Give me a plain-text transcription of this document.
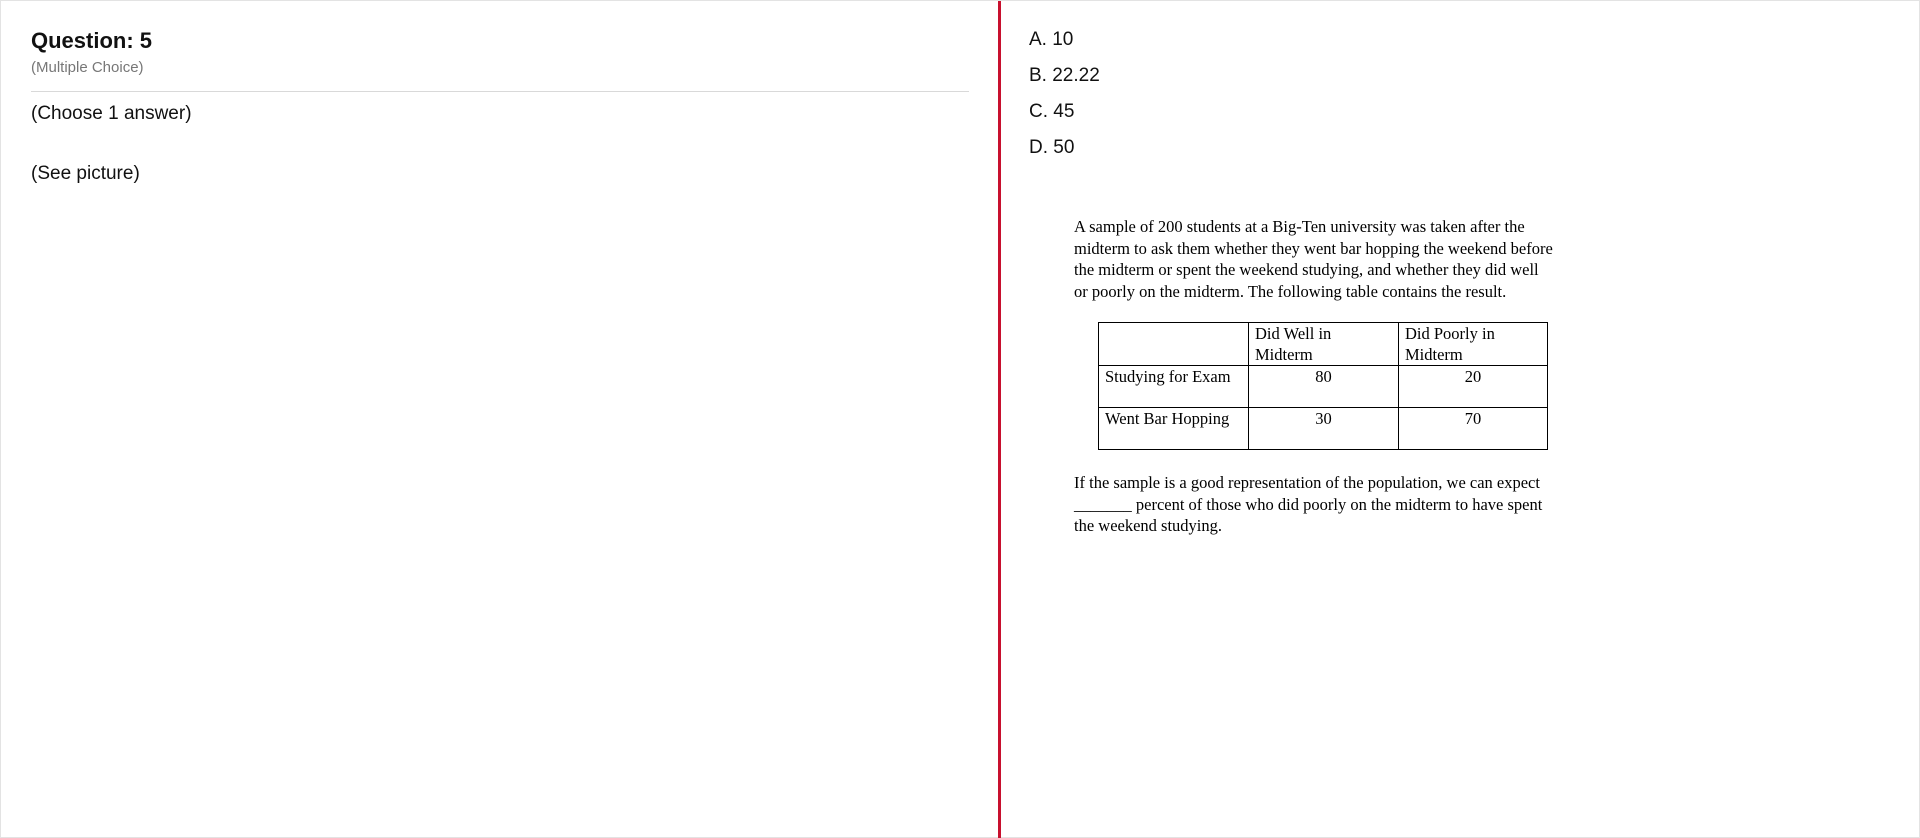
Question: 5
(Multiple Choice)
(Choose 1 answer)
(See picture)
A. 10
B. 22.22
C. 45
D. 50

A sample of 200 students at a Big-Ten university was taken after the midterm to ask them whether they went bar hopping the weekend before the midterm or spent the weekend studying, and whether they did well or poorly on the midterm. The following table contains the result.

	Did Well in Midterm	Did Poorly in Midterm
Studying for Exam	80	20
Went Bar Hopping	30	70

If the sample is a good representation of the population, we can expect _______ percent of those who did poorly on the midterm to have spent the weekend studying.
